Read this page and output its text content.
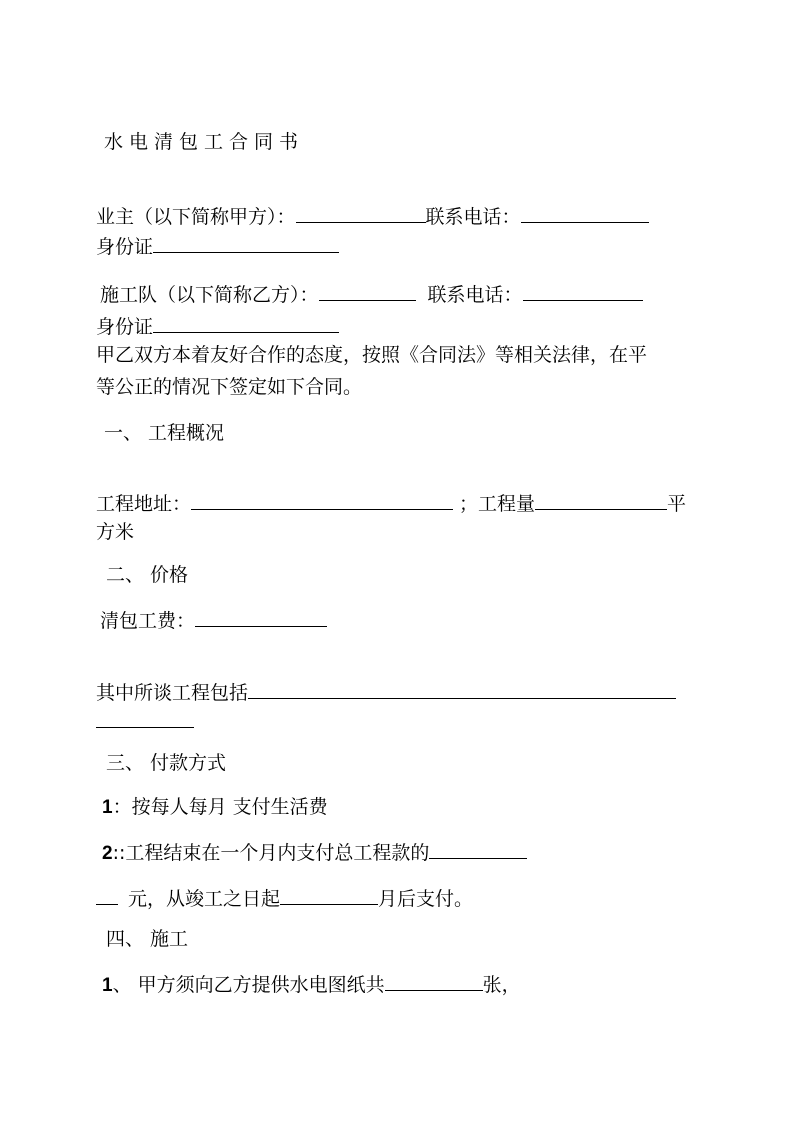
水电清包工合同书
业主（以下简称甲方）：	联系电话：
身份证
施工队（以下简称乙方）：	联系电话：
身份证
甲乙双方本着友好合作的态度，按照《合同法》等相关法律，在平
等公正的情况下签定如下合同。
一、 工程概况
工程地址：	；工程量	平
方米
二、 价格
清包工费：
其中所谈工程包括
三、 付款方式
1：按每人每月 支付生活费
2::工程结束在一个月内支付总工程款的
元，从竣工之日起	月后支付。
四、 施工
1、 甲方须向乙方提供水电图纸共	张，
